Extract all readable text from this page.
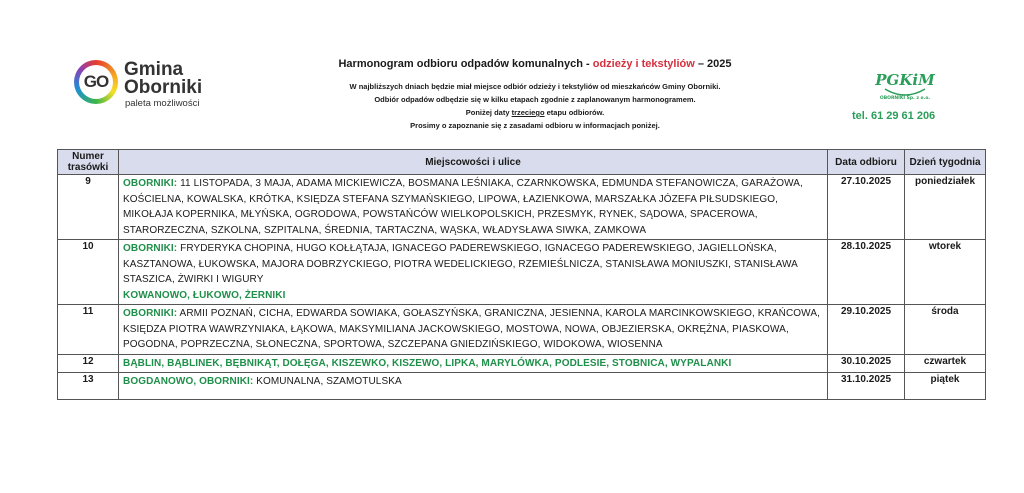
GO
Gmina
Oborniki
paleta możliwości
Harmonogram odbioru odpadów komunalnych - odzieży i tekstyliów – 2025
W najbliższych dniach będzie miał miejsce odbiór odzieży i tekstyliów od mieszkańców Gminy Oborniki.
Odbiór odpadów odbędzie się w kilku etapach zgodnie z zaplanowanym harmonogramem.
Poniżej daty trzeciego etapu odbiorów.
Prosimy o zapoznanie się z zasadami odbioru w informacjach poniżej.
PGKiM
OBORNIKI Sp. z o.o.
tel. 61 29 61 206
Numer trasówki	Miejscowości i ulice	Data odbioru	Dzień tygodnia
9	OBORNIKI: 11 LISTOPADA, 3 MAJA, ADAMA MICKIEWICZA, BOSMANA LEŚNIAKA, CZARNKOWSKA, EDMUNDA STEFANOWICZA, GARAŻOWA, KOŚCIELNA, KOWALSKA, KRÓTKA, KSIĘDZA STEFANA SZYMAŃSKIEGO, LIPOWA, ŁAZIENKOWA, MARSZAŁKA JÓZEFA PIŁSUDSKIEGO, MIKOŁAJA KOPERNIKA, MŁYŃSKA, OGRODOWA, POWSTAŃCÓW WIELKOPOLSKICH, PRZESMYK, RYNEK, SĄDOWA, SPACEROWA, STARORZECZNA, SZKOLNA, SZPITALNA, ŚREDNIA, TARTACZNA, WĄSKA, WŁADYSŁAWA SIWKA, ZAMKOWA	27.10.2025	poniedziałek
10	OBORNIKI: FRYDERYKA CHOPINA, HUGO KOŁŁĄTAJA, IGNACEGO PADEREWSKIEGO, IGNACEGO PADEREWSKIEGO, JAGIELLOŃSKA, KASZTANOWA, ŁUKOWSKA, MAJORA DOBRZYCKIEGO, PIOTRA WEDELICKIEGO, RZEMIEŚLNICZA, STANISŁAWA MONIUSZKI, STANISŁAWA STASZICA, ŻWIRKI I WIGURY
KOWANOWO, ŁUKOWO, ŻERNIKI	28.10.2025	wtorek
11	OBORNIKI: ARMII POZNAŃ, CICHA, EDWARDA SOWIAKA, GOŁASZYŃSKA, GRANICZNA, JESIENNA, KAROLA MARCINKOWSKIEGO, KRAŃCOWA, KSIĘDZA PIOTRA WAWRZYNIAKA, ŁĄKOWA, MAKSYMILIANA JACKOWSKIEGO, MOSTOWA, NOWA, OBJEZIERSKA, OKRĘŻNA, PIASKOWA, POGODNA, POPRZECZNA, SŁONECZNA, SPORTOWA, SZCZEPANA GNIEDZIŃSKIEGO, WIDOKOWA, WIOSENNA	29.10.2025	środa
12	BĄBLIN, BĄBLINEK, BĘBNIKĄT, DOŁĘGA, KISZEWKO, KISZEWO, LIPKA, MARYLÓWKA, PODLESIE, STOBNICA, WYPALANKI	30.10.2025	czwartek
13	BOGDANOWO, OBORNIKI: KOMUNALNA, SZAMOTULSKA	31.10.2025	piątek
